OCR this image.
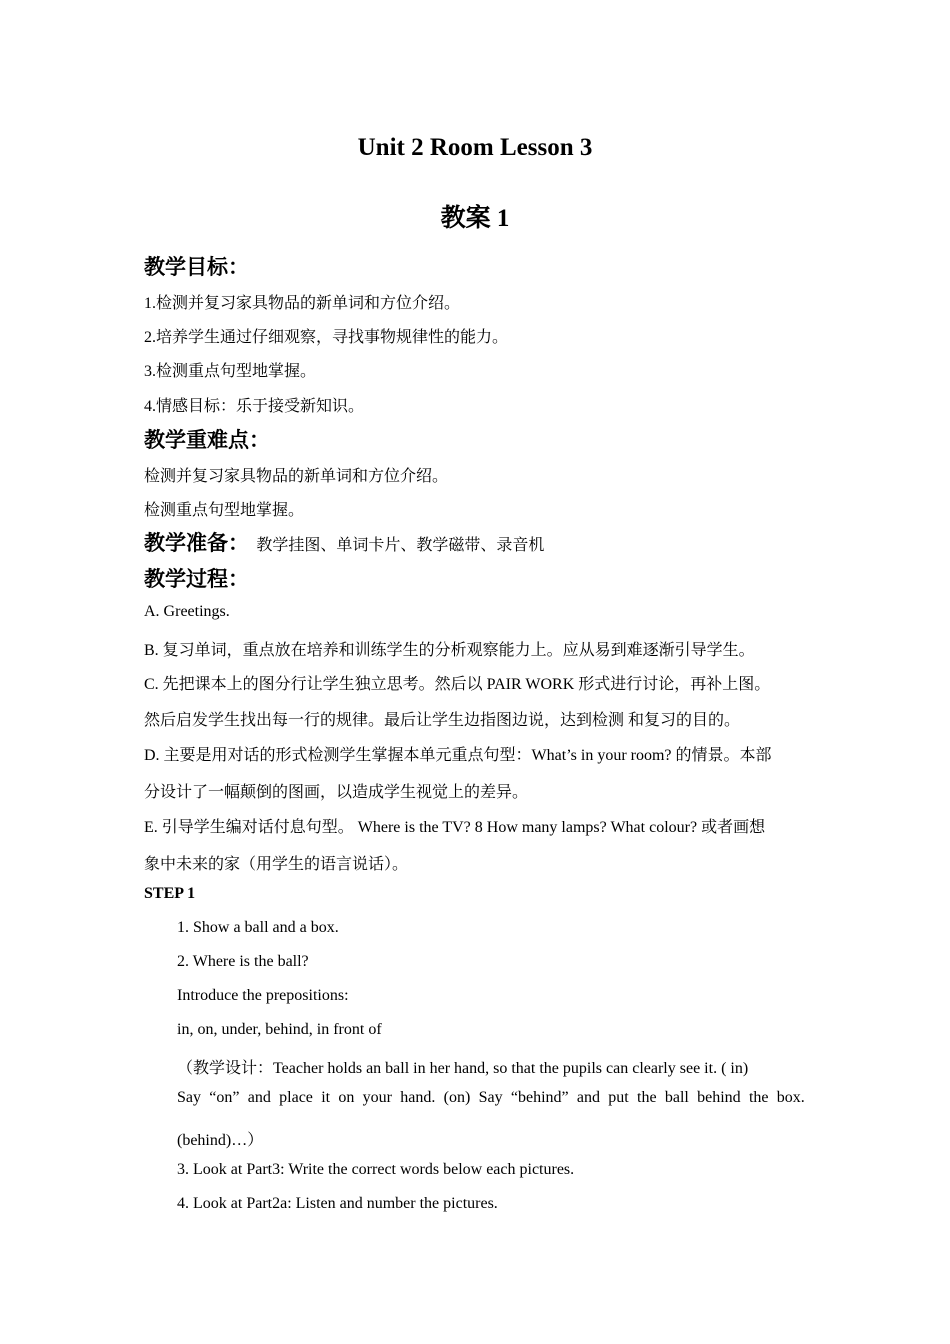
Unit 2 Room Lesson 3
教案 1
教学目标：
1.检测并复习家具物品的新单词和方位介绍。
2.培养学生通过仔细观察，寻找事物规律性的能力。
3.检测重点句型地掌握。
4.情感目标：乐于接受新知识。
教学重难点：
检测并复习家具物品的新单词和方位介绍。
检测重点句型地掌握。
教学准备： 教学挂图、单词卡片、教学磁带、录音机
教学过程：
A. Greetings.
B. 复习单词，重点放在培养和训练学生的分析观察能力上。应从易到难逐渐引导学生。
C. 先把课本上的图分行让学生独立思考。然后以 PAIR WORK 形式进行讨论，再补上图。
然后启发学生找出每一行的规律。最后让学生边指图边说，达到检测 和复习的目的。
D. 主要是用对话的形式检测学生掌握本单元重点句型：What’s in your room? 的情景。本部
分设计了一幅颠倒的图画，以造成学生视觉上的差异。
E. 引导学生编对话付息句型。 Where is the TV? 8 How many lamps? What colour? 或者画想
象中未来的家（用学生的语言说话）。
STEP 1
1. Show a ball and a box.
2. Where is the ball?
Introduce the prepositions:
in, on, under, behind, in front of
（教学设计：Teacher holds an ball in her hand, so that the pupils can clearly see it. ( in)
Say “on” and place it on your hand. (on) Say “behind” and put the ball behind the box.
(behind)…）
3. Look at Part3: Write the correct words below each pictures.
4. Look at Part2a: Listen and number the pictures.
